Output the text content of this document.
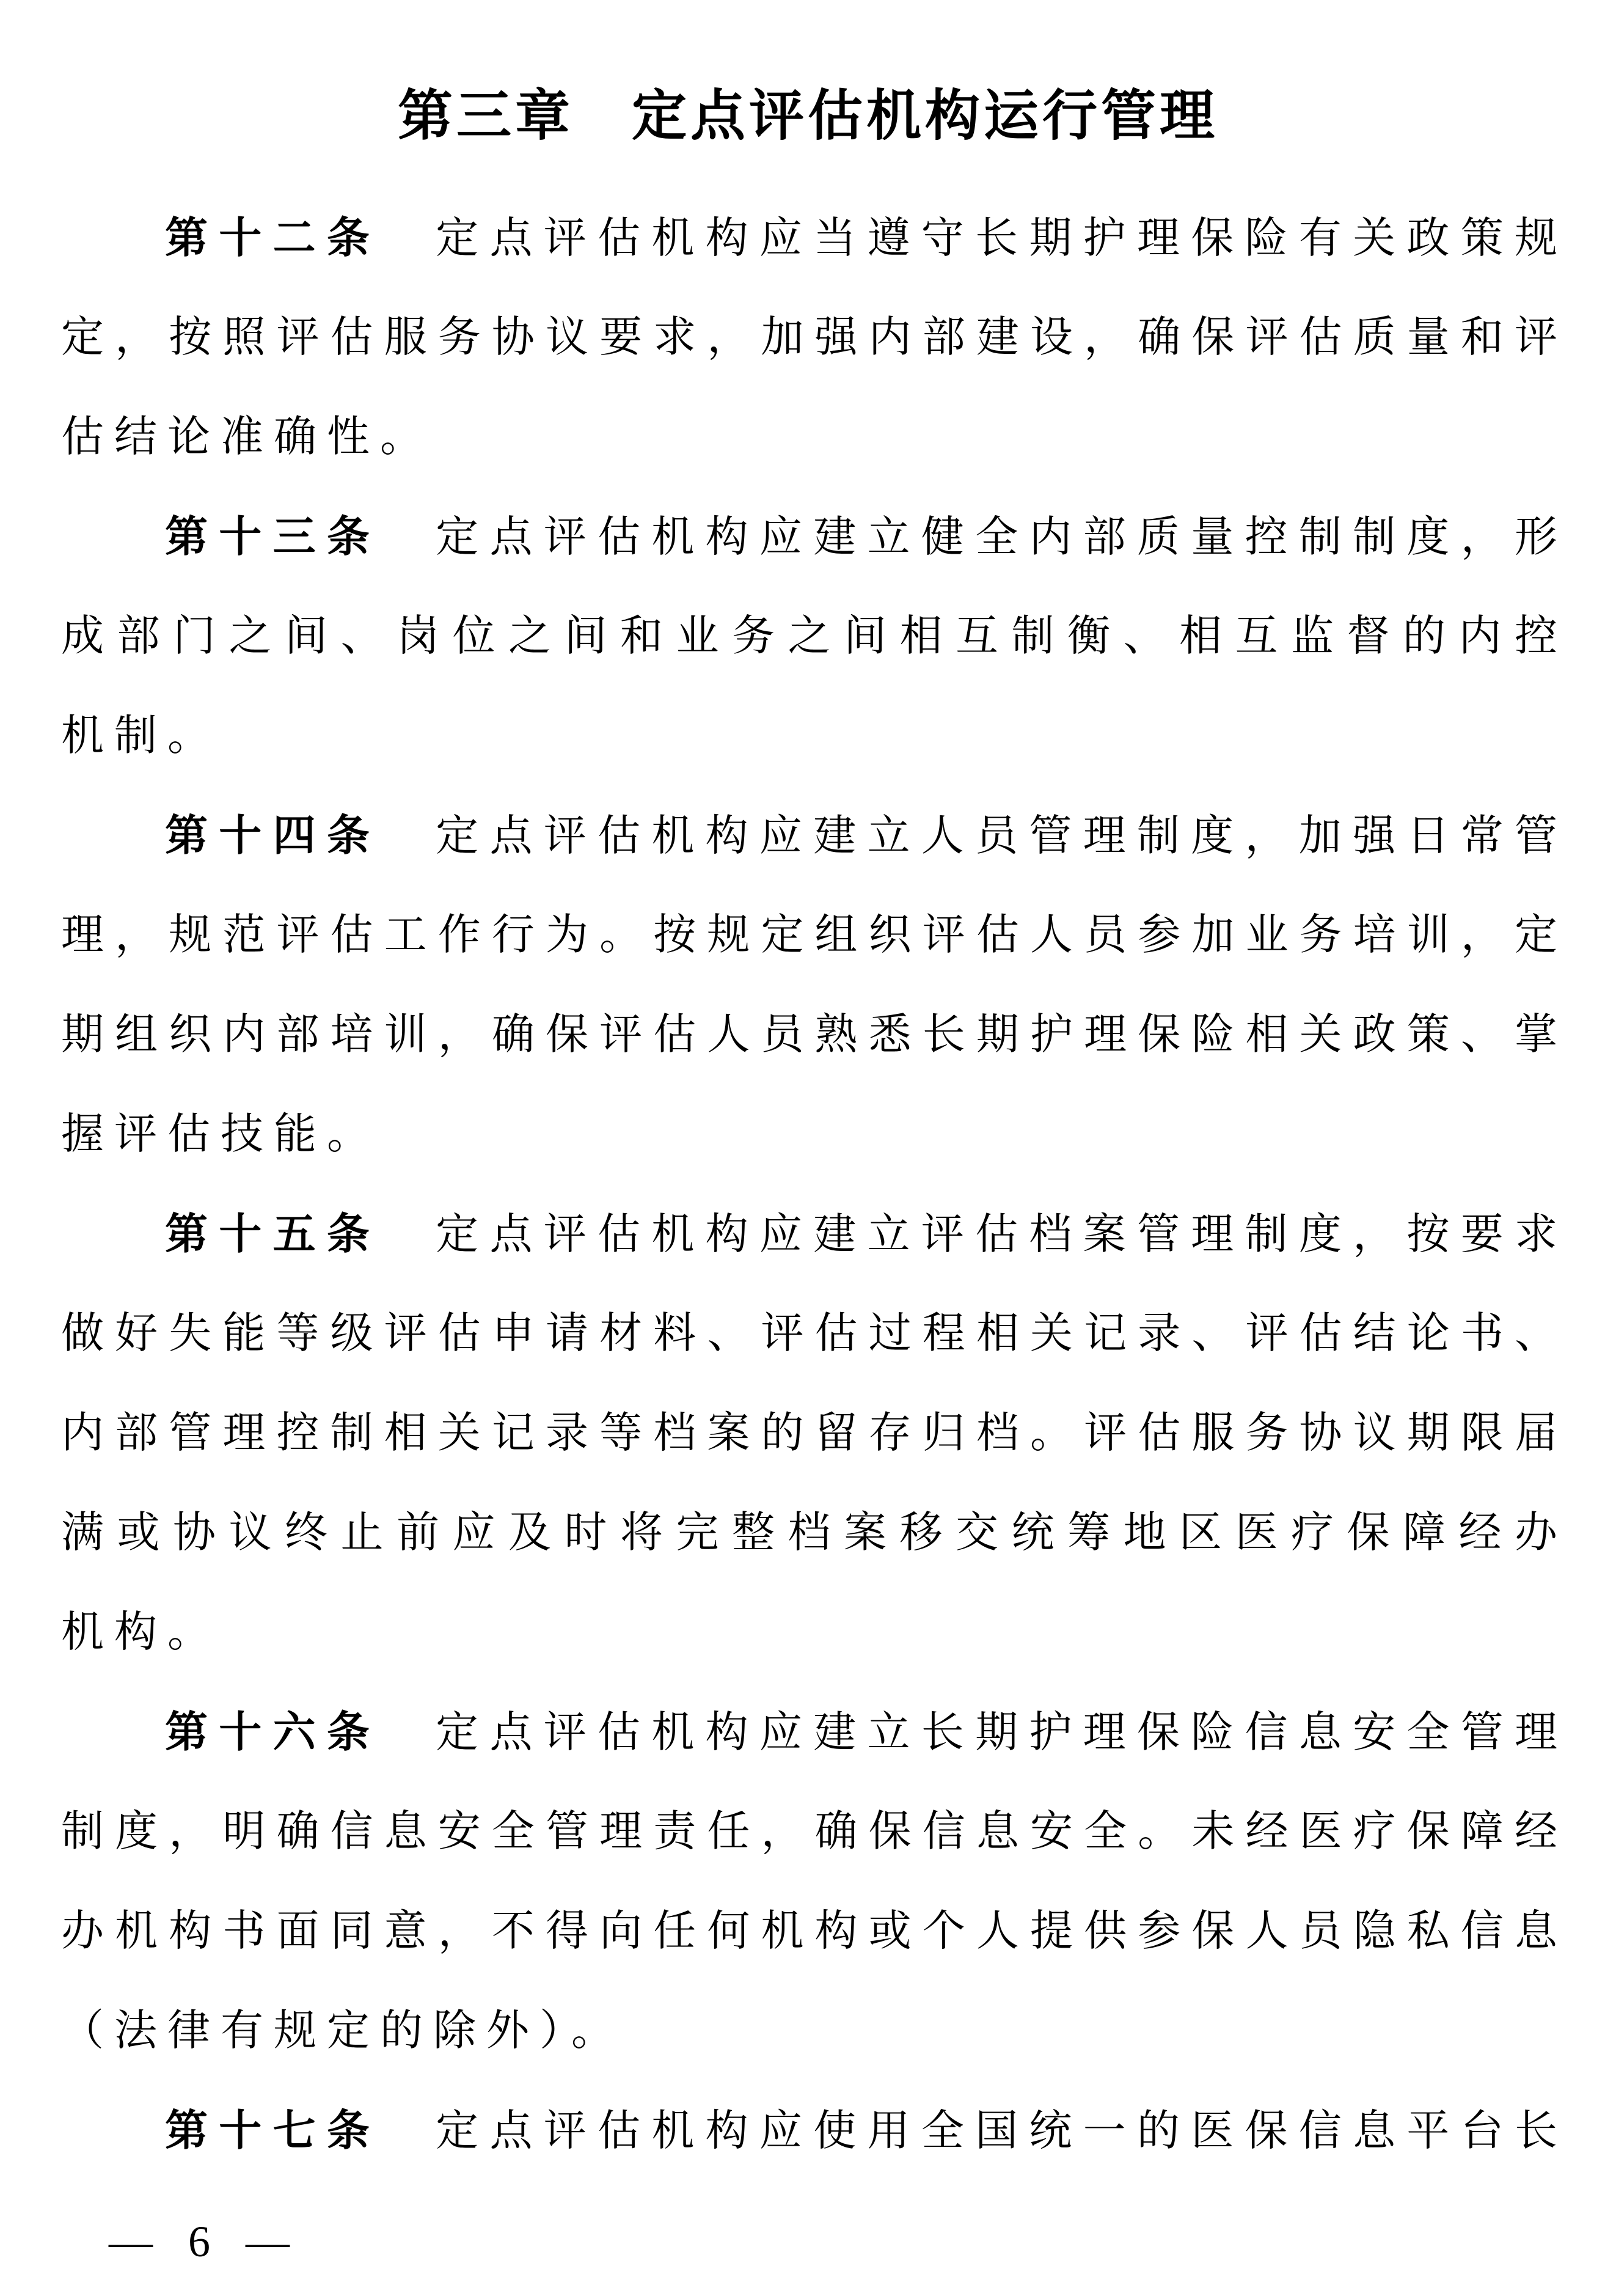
第三章 定点评估机构运行管理
第十二条 定点评估机构应当遵守长期护理保险有关政策规
定，按照评估服务协议要求，加强内部建设，确保评估质量和评
估结论准确性。
第十三条 定点评估机构应建立健全内部质量控制制度，形
成部门之间、岗位之间和业务之间相互制衡、相互监督的内控
机制。
第十四条 定点评估机构应建立人员管理制度，加强日常管
理，规范评估工作行为。按规定组织评估人员参加业务培训，定
期组织内部培训，确保评估人员熟悉长期护理保险相关政策、掌
握评估技能。
第十五条 定点评估机构应建立评估档案管理制度，按要求
做好失能等级评估申请材料、评估过程相关记录、评估结论书、
内部管理控制相关记录等档案的留存归档。评估服务协议期限届
满或协议终止前应及时将完整档案移交统筹地区医疗保障经办
机构。
第十六条 定点评估机构应建立长期护理保险信息安全管理
制度，明确信息安全管理责任，确保信息安全。未经医疗保障经
办机构书面同意，不得向任何机构或个人提供参保人员隐私信息
（法律有规定的除外）。
第十七条 定点评估机构应使用全国统一的医保信息平台长
— 6 —
